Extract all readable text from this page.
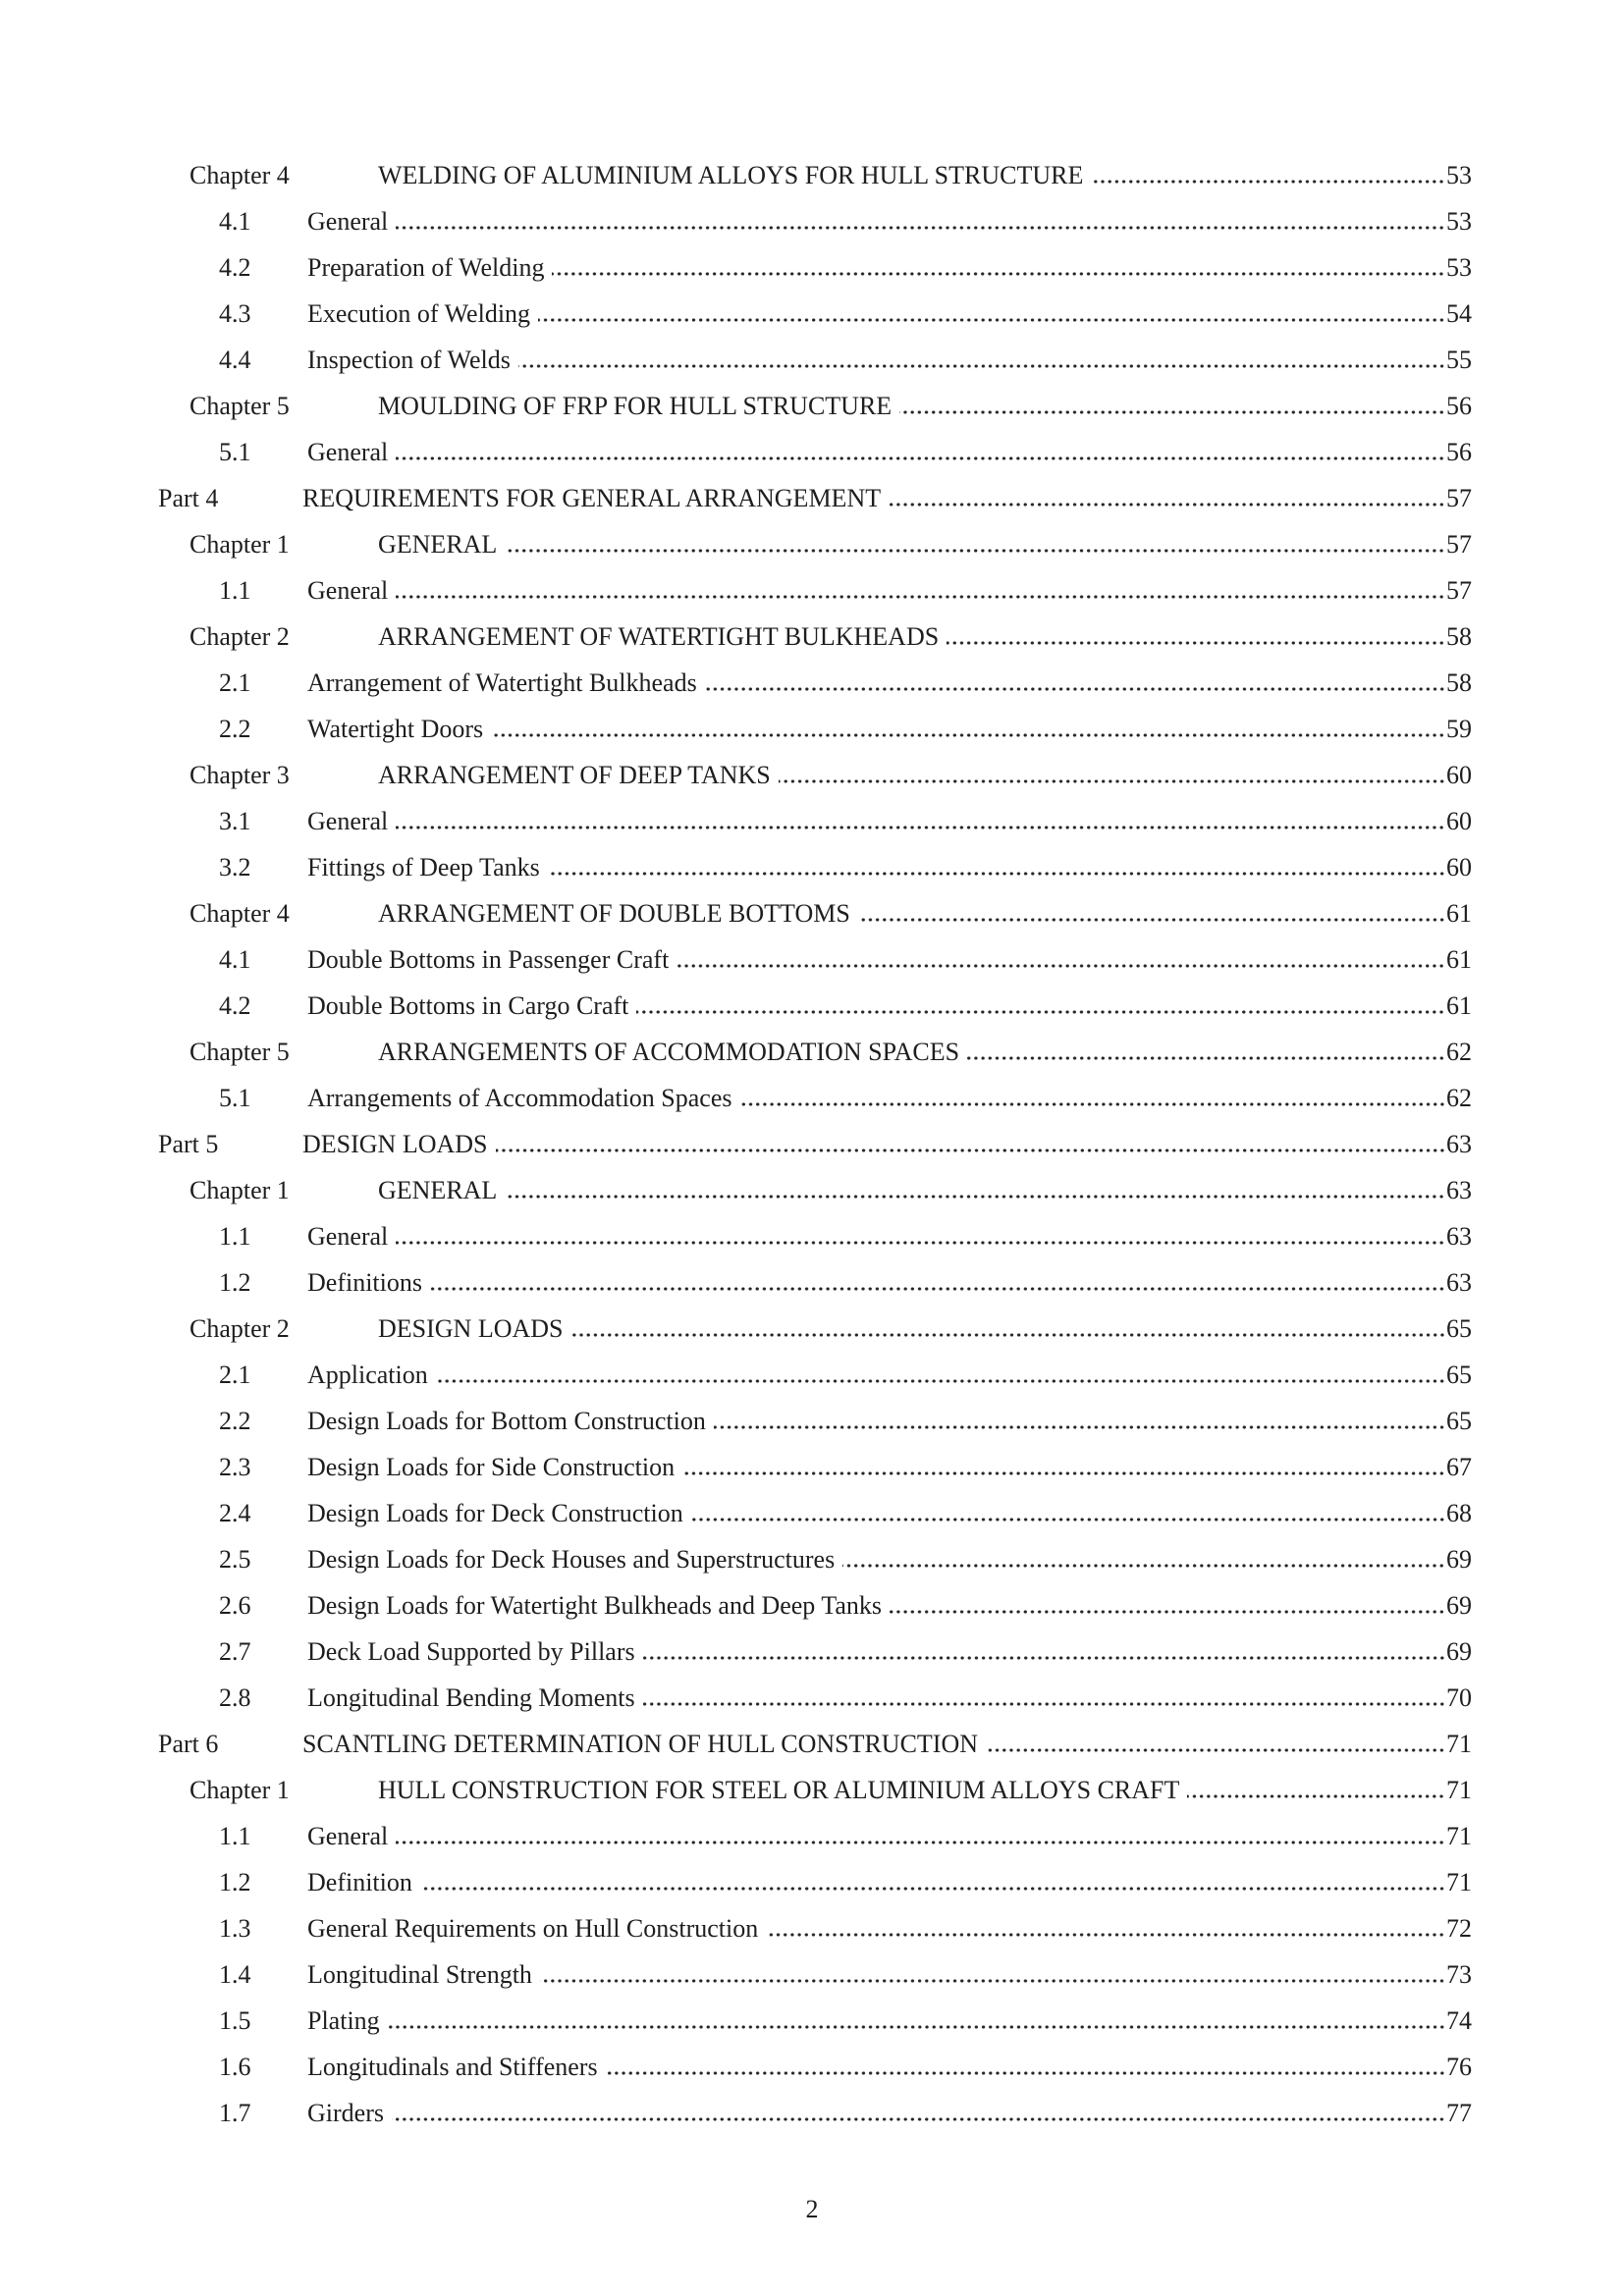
Chapter 4	WELDING OF ALUMINIUM ALLOYS FOR HULL STRUCTURE	53
4.1	General	53
4.2	Preparation of Welding	53
4.3	Execution of Welding	54
4.4	Inspection of Welds	55
Chapter 5	MOULDING OF FRP FOR HULL STRUCTURE	56
5.1	General	56
Part 4	REQUIREMENTS FOR GENERAL ARRANGEMENT	57
Chapter 1	GENERAL	57
1.1	General	57
Chapter 2	ARRANGEMENT OF WATERTIGHT BULKHEADS	58
2.1	Arrangement of Watertight Bulkheads	58
2.2	Watertight Doors	59
Chapter 3	ARRANGEMENT OF DEEP TANKS	60
3.1	General	60
3.2	Fittings of Deep Tanks	60
Chapter 4	ARRANGEMENT OF DOUBLE BOTTOMS	61
4.1	Double Bottoms in Passenger Craft	61
4.2	Double Bottoms in Cargo Craft	61
Chapter 5	ARRANGEMENTS OF ACCOMMODATION SPACES	62
5.1	Arrangements of Accommodation Spaces	62
Part 5	DESIGN LOADS	63
Chapter 1	GENERAL	63
1.1	General	63
1.2	Definitions	63
Chapter 2	DESIGN LOADS	65
2.1	Application	65
2.2	Design Loads for Bottom Construction	65
2.3	Design Loads for Side Construction	67
2.4	Design Loads for Deck Construction	68
2.5	Design Loads for Deck Houses and Superstructures	69
2.6	Design Loads for Watertight Bulkheads and Deep Tanks	69
2.7	Deck Load Supported by Pillars	69
2.8	Longitudinal Bending Moments	70
Part 6	SCANTLING DETERMINATION OF HULL CONSTRUCTION	71
Chapter 1	HULL CONSTRUCTION FOR STEEL OR ALUMINIUM ALLOYS CRAFT	71
1.1	General	71
1.2	Definition	71
1.3	General Requirements on Hull Construction	72
1.4	Longitudinal Strength	73
1.5	Plating	74
1.6	Longitudinals and Stiffeners	76
1.7	Girders	77
2
